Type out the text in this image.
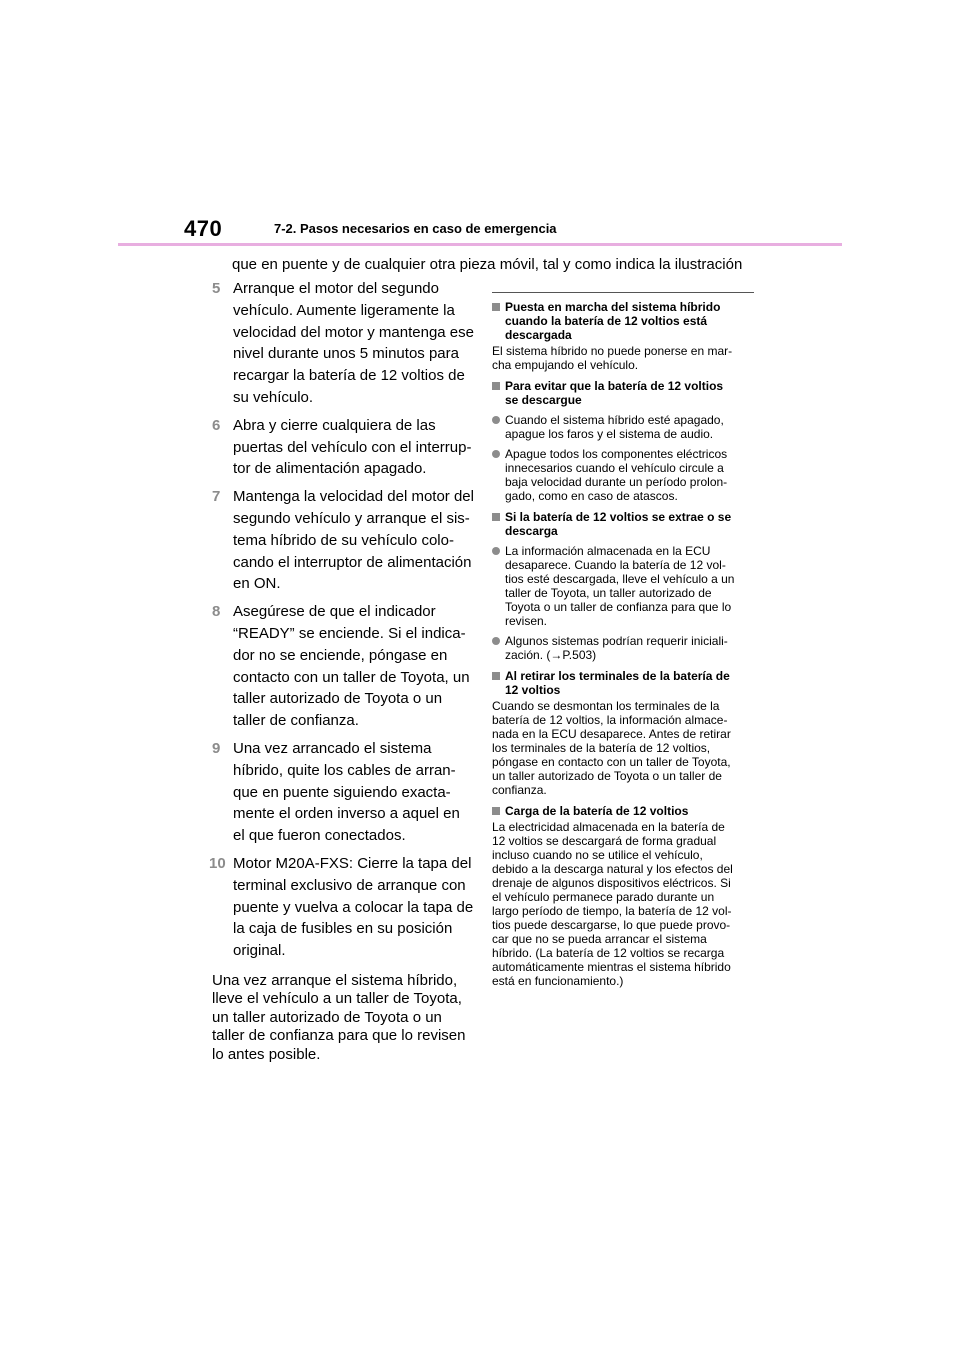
470	7-2. Pasos necesarios en caso de emergencia
que en puente y de cualquier otra pieza móvil, tal y como indica la ilustración
5 Arranque el motor del segundo
vehículo. Aumente ligeramente la
velocidad del motor y mantenga ese
nivel durante unos 5 minutos para
recargar la batería de 12 voltios de
su vehículo.
6 Abra y cierre cualquiera de las
puertas del vehículo con el interrup-
tor de alimentación apagado.
7 Mantenga la velocidad del motor del
segundo vehículo y arranque el sis-
tema híbrido de su vehículo colo-
cando el interruptor de alimentación
en ON.
8 Asegúrese de que el indicador
“READY” se enciende. Si el indica-
dor no se enciende, póngase en
contacto con un taller de Toyota, un
taller autorizado de Toyota o un
taller de confianza.
9 Una vez arrancado el sistema
híbrido, quite los cables de arran-
que en puente siguiendo exacta-
mente el orden inverso a aquel en
el que fueron conectados.
10 Motor M20A-FXS: Cierre la tapa del
terminal exclusivo de arranque con
puente y vuelva a colocar la tapa de
la caja de fusibles en su posición
original.
Una vez arranque el sistema híbrido,
lleve el vehículo a un taller de Toyota,
un taller autorizado de Toyota o un
taller de confianza para que lo revisen
lo antes posible.
Puesta en marcha del sistema híbrido
cuando la batería de 12 voltios está
descargada
El sistema híbrido no puede ponerse en mar-
cha empujando el vehículo.
Para evitar que la batería de 12 voltios
se descargue
Cuando el sistema híbrido esté apagado,
apague los faros y el sistema de audio.
Apague todos los componentes eléctricos
innecesarios cuando el vehículo circule a
baja velocidad durante un período prolon-
gado, como en caso de atascos.
Si la batería de 12 voltios se extrae o se
descarga
La información almacenada en la ECU
desaparece. Cuando la batería de 12 vol-
tios esté descargada, lleve el vehículo a un
taller de Toyota, un taller autorizado de
Toyota o un taller de confianza para que lo
revisen.
Algunos sistemas podrían requerir iniciali-
zación. (→P.503)
Al retirar los terminales de la batería de
12 voltios
Cuando se desmontan los terminales de la
batería de 12 voltios, la información almace-
nada en la ECU desaparece. Antes de retirar
los terminales de la batería de 12 voltios,
póngase en contacto con un taller de Toyota,
un taller autorizado de Toyota o un taller de
confianza.
Carga de la batería de 12 voltios
La electricidad almacenada en la batería de
12 voltios se descargará de forma gradual
incluso cuando no se utilice el vehículo,
debido a la descarga natural y los efectos del
drenaje de algunos dispositivos eléctricos. Si
el vehículo permanece parado durante un
largo período de tiempo, la batería de 12 vol-
tios puede descargarse, lo que puede provo-
car que no se pueda arrancar el sistema
híbrido. (La batería de 12 voltios se recarga
automáticamente mientras el sistema híbrido
está en funcionamiento.)
